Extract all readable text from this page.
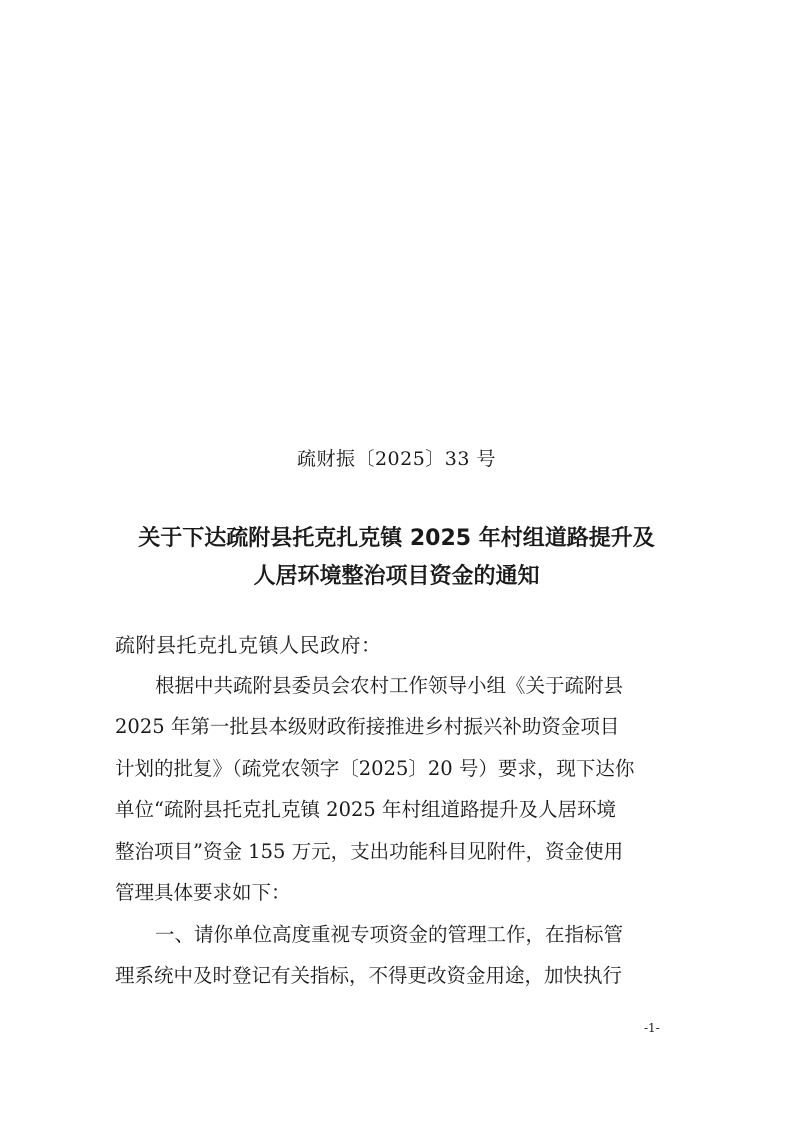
疏财振〔2025〕33 号
关于下达疏附县托克扎克镇 2025 年村组道路提升及
人居环境整治项目资金的通知
疏附县托克扎克镇人民政府：
根据中共疏附县委员会农村工作领导小组《关于疏附县
2025 年第一批县本级财政衔接推进乡村振兴补助资金项目
计划的批复》（疏党农领字〔2025〕20 号）要求，现下达你
单位“疏附县托克扎克镇 2025 年村组道路提升及人居环境
整治项目”资金 155 万元，支出功能科目见附件，资金使用
管理具体要求如下：
一、请你单位高度重视专项资金的管理工作，在指标管
理系统中及时登记有关指标，不得更改资金用途，加快执行
-1-
